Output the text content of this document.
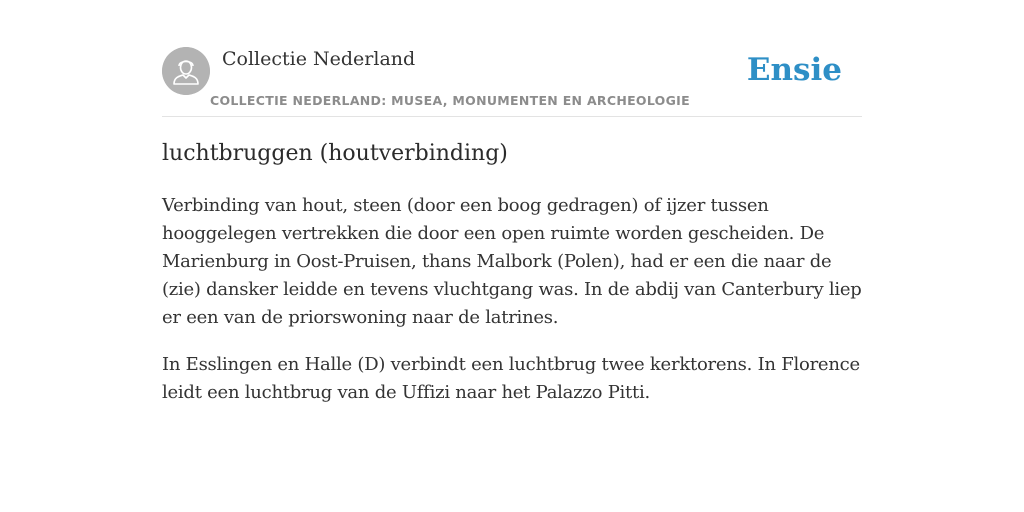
Collectie Nederland
COLLECTIE NEDERLAND: MUSEA, MONUMENTEN EN ARCHEOLOGIE
Ensie
luchtbruggen (houtverbinding)

Verbinding van hout, steen (door een boog gedragen) of ijzer tussen hooggelegen vertrekken die door een open ruimte worden gescheiden. De Marienburg in Oost-Pruisen, thans Malbork (Polen), had er een die naar de (zie) dansker leidde en tevens vluchtgang was. In de abdij van Canterbury liep er een van de priorswoning naar de latrines.

In Esslingen en Halle (D) verbindt een luchtbrug twee kerktorens. In Florence leidt een luchtbrug van de Uffizi naar het Palazzo Pitti.
